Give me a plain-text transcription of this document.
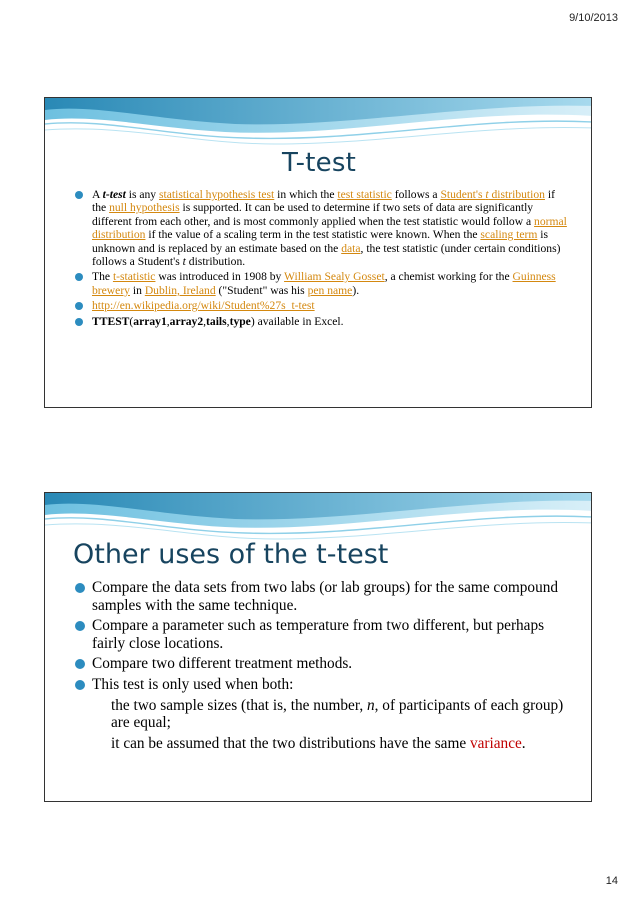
9/10/2013
T-test
A t-test is any statistical hypothesis test in which the test statistic follows a Student's t distribution if the null hypothesis is supported. It can be used to determine if two sets of data are significantly different from each other, and is most commonly applied when the test statistic would follow a normal distribution if the value of a scaling term in the test statistic were known. When the scaling term is unknown and is replaced by an estimate based on the data, the test statistic (under certain conditions) follows a Student's t distribution.
The t-statistic was introduced in 1908 by William Sealy Gosset, a chemist working for the Guinness brewery in Dublin, Ireland ("Student" was his pen name).
http://en.wikipedia.org/wiki/Student%27s_t-test
TTEST(array1,array2,tails,type) available in Excel.
Other uses of the t-test
Compare the data sets from two labs (or lab groups) for the same compound samples with the same technique.
Compare a parameter such as temperature from two different, but perhaps fairly close locations.
Compare two different treatment methods.
This test is only used when both:
the two sample sizes (that is, the number, n, of participants of each group) are equal;
it can be assumed that the two distributions have the same variance.
14
